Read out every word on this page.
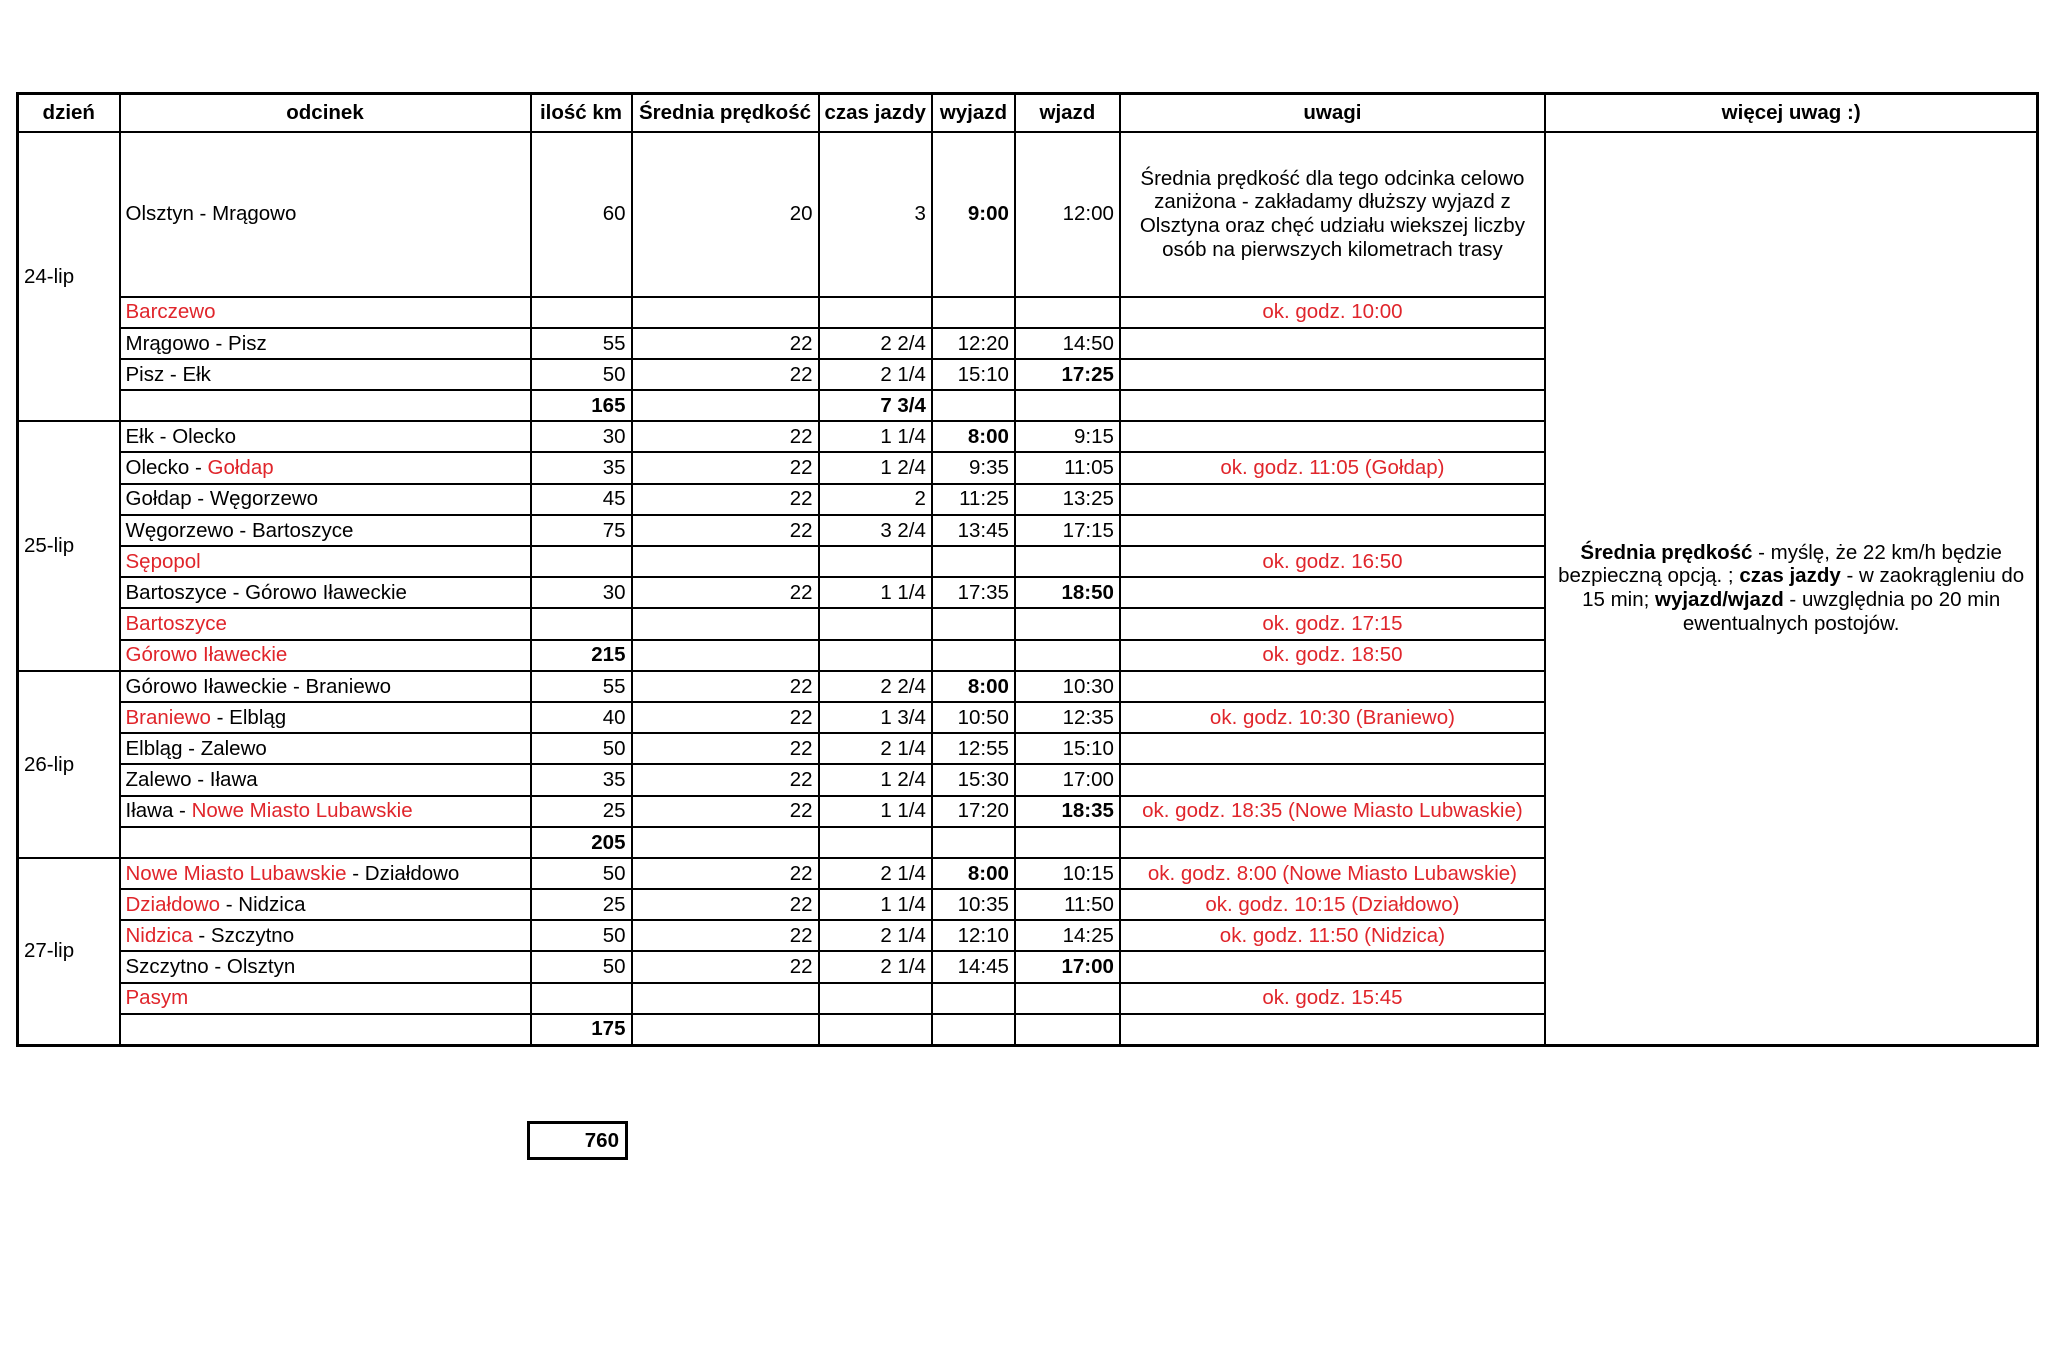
dzień	odcinek	ilość km	Średnia prędkość	czas jazdy	wyjazd	wjazd	uwagi	więcej uwag :)
24-lip	Olsztyn - Mrągowo	60	20	3	9:00	12:00	Średnia prędkość dla tego odcinka celowo zaniżona - zakładamy dłuższy wyjazd z Olsztyna oraz chęć udziału wiekszej liczby osób na pierwszych kilometrach trasy	Średnia prędkość - myślę, że 22 km/h będzie bezpieczną opcją. ; czas jazdy - w zaokrągleniu do 15 min; wyjazd/wjazd - uwzględnia po 20 min ewentualnych postojów.
	Barczewo						ok. godz. 10:00	
	Mrągowo - Pisz	55	22	2 2/4	12:20	14:50		
	Pisz - Ełk	50	22	2 1/4	15:10	17:25		
		165		7 3/4				
25-lip	Ełk - Olecko	30	22	1 1/4	8:00	9:15		
	Olecko - Gołdap	35	22	1 2/4	9:35	11:05	ok. godz. 11:05 (Gołdap)	
	Gołdap - Węgorzewo	45	22	2	11:25	13:25		
	Węgorzewo - Bartoszyce	75	22	3 2/4	13:45	17:15		
	Sępopol						ok. godz. 16:50	
	Bartoszyce - Górowo Iławeckie	30	22	1 1/4	17:35	18:50		
	Bartoszyce						ok. godz. 17:15	
	Górowo Iławeckie	215					ok. godz. 18:50	
26-lip	Górowo Iławeckie - Braniewo	55	22	2 2/4	8:00	10:30		
	Braniewo - Elbląg	40	22	1 3/4	10:50	12:35	ok. godz. 10:30 (Braniewo)	
	Elbląg - Zalewo	50	22	2 1/4	12:55	15:10		
	Zalewo - Iława	35	22	1 2/4	15:30	17:00		
	Iława - Nowe Miasto Lubawskie	25	22	1 1/4	17:20	18:35	ok. godz. 18:35 (Nowe Miasto Lubwaskie)	
		205						
27-lip	Nowe Miasto Lubawskie - Działdowo	50	22	2 1/4	8:00	10:15	ok. godz. 8:00 (Nowe Miasto Lubawskie)	
	Działdowo - Nidzica	25	22	1 1/4	10:35	11:50	ok. godz. 10:15 (Działdowo)	
	Nidzica - Szczytno	50	22	2 1/4	12:10	14:25	ok. godz. 11:50 (Nidzica)	
	Szczytno - Olsztyn	50	22	2 1/4	14:45	17:00		
	Pasym						ok. godz. 15:45	
		175						
760
